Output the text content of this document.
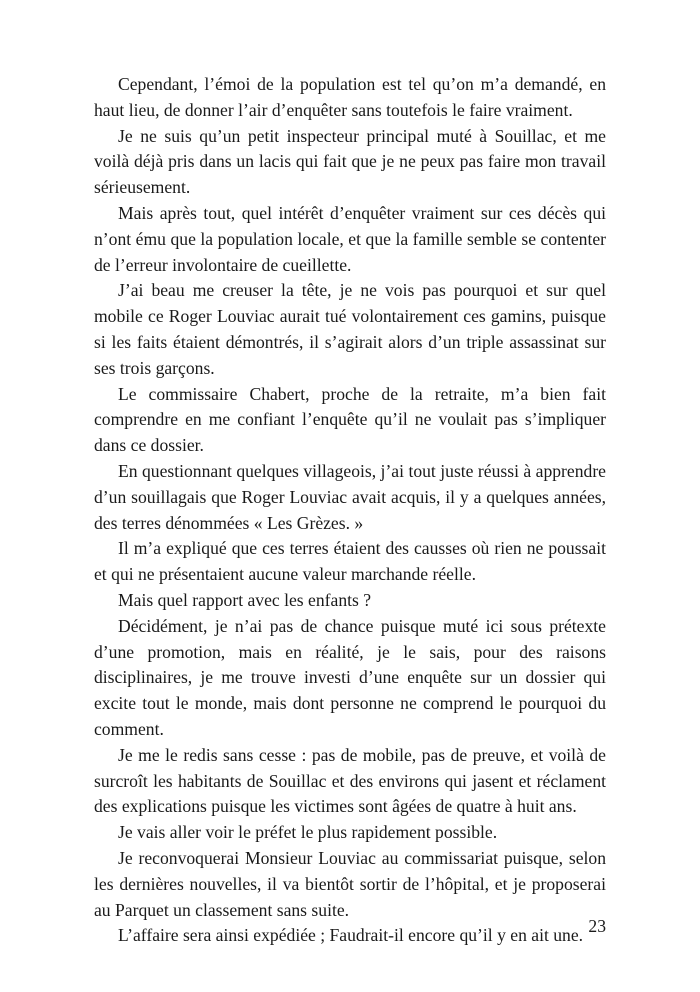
Cependant, l’émoi de la population est tel qu’on m’a demandé, en haut lieu, de donner l’air d’enquêter sans toutefois le faire vraiment.

Je ne suis qu’un petit inspecteur principal muté à Souillac, et me voilà déjà pris dans un lacis qui fait que je ne peux pas faire mon travail sérieusement.

Mais après tout, quel intérêt d’enquêter vraiment sur ces décès qui n’ont ému que la population locale, et que la famille semble se contenter de l’erreur involontaire de cueillette.

J’ai beau me creuser la tête, je ne vois pas pourquoi et sur quel mobile ce Roger Louviac aurait tué volontairement ces gamins, puisque si les faits étaient démontrés, il s’agirait alors d’un triple assassinat sur ses trois garçons.

Le commissaire Chabert, proche de la retraite, m’a bien fait comprendre en me confiant l’enquête qu’il ne voulait pas s’impliquer dans ce dossier.

En questionnant quelques villageois, j’ai tout juste réussi à apprendre d’un souillagais que Roger Louviac avait acquis, il y a quelques années, des terres dénommées « Les Grèzes. »

Il m’a expliqué que ces terres étaient des causses où rien ne poussait et qui ne présentaient aucune valeur marchande réelle.

Mais quel rapport avec les enfants ?

Décidément, je n’ai pas de chance puisque muté ici sous prétexte d’une promotion, mais en réalité, je le sais, pour des raisons disciplinaires, je me trouve investi d’une enquête sur un dossier qui excite tout le monde, mais dont personne ne comprend le pourquoi du comment.

Je me le redis sans cesse : pas de mobile, pas de preuve, et voilà de surcroît les habitants de Souillac et des environs qui jasent et réclament des explications puisque les victimes sont âgées de quatre à huit ans.

Je vais aller voir le préfet le plus rapidement possible.

Je reconvoquerai Monsieur Louviac au commissariat puisque, selon les dernières nouvelles, il va bientôt sortir de l’hôpital, et je proposerai au Parquet un classement sans suite.

L’affaire sera ainsi expédiée ; Faudrait-il encore qu’il y en ait une. 23
